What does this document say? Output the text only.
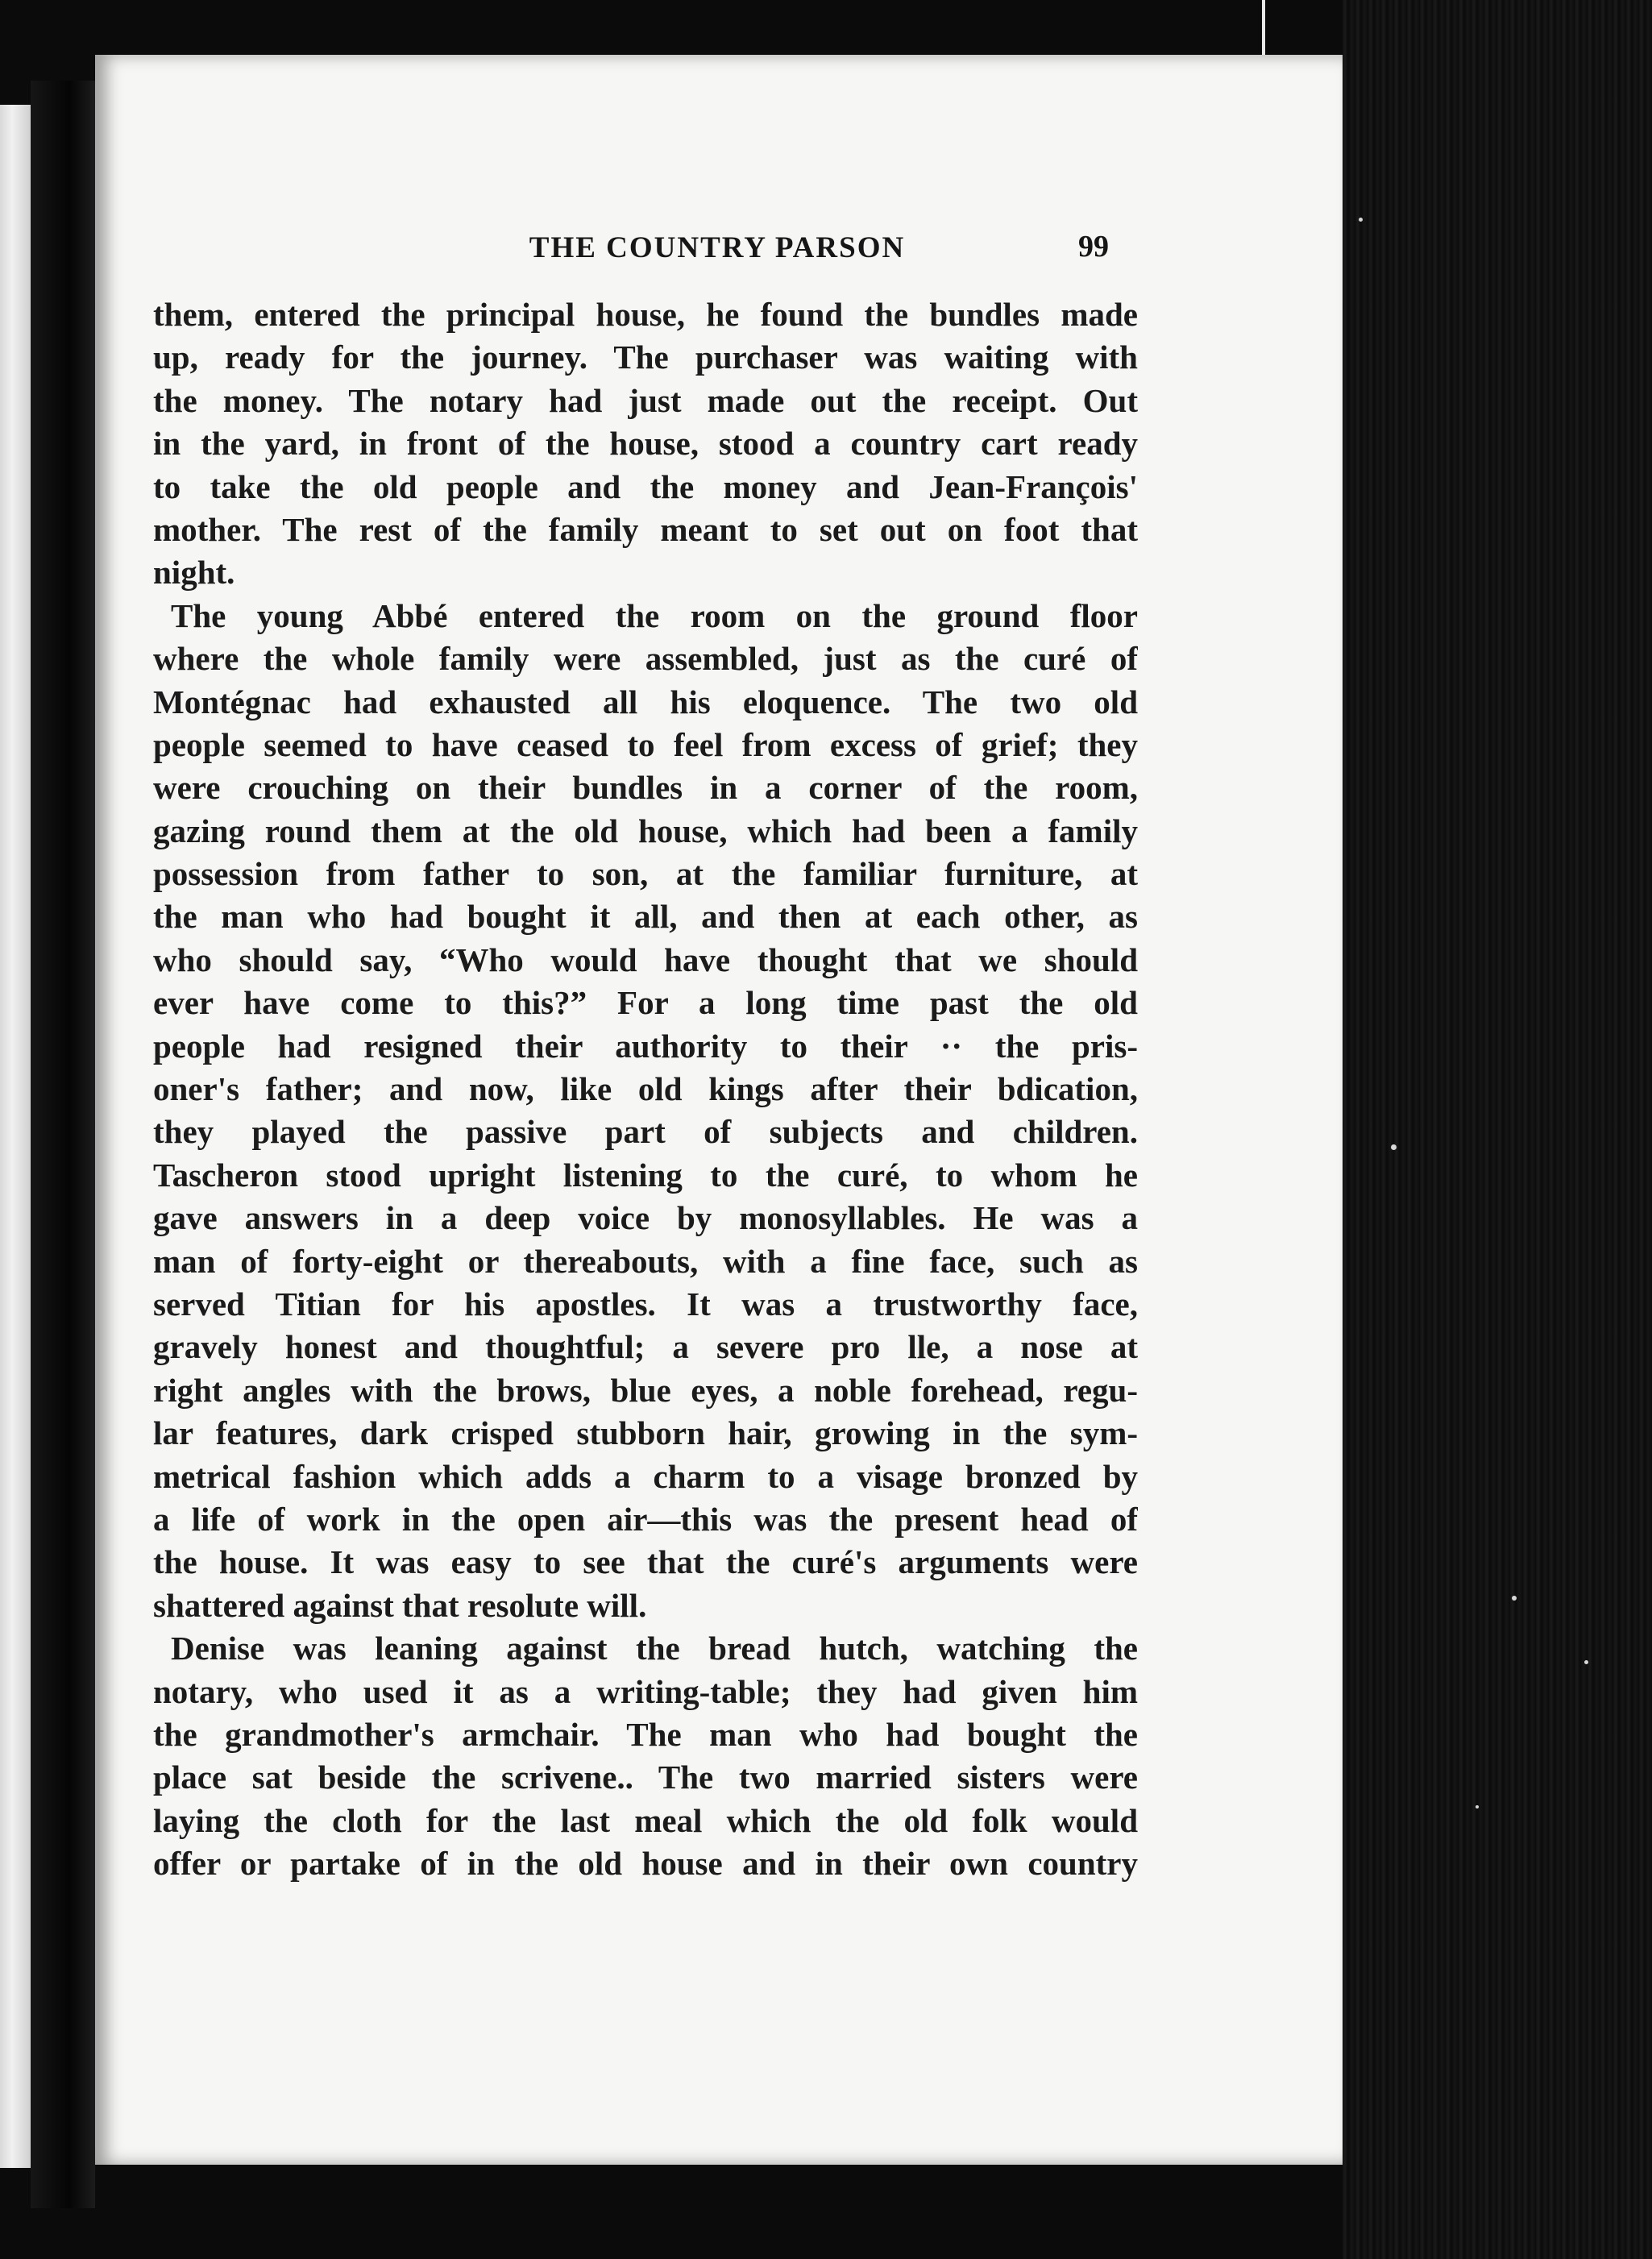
THE COUNTRY PARSON	99
them, entered the principal house, he found the bundles made
up, ready for the journey. The purchaser was waiting with
the money. The notary had just made out the receipt. Out
in the yard, in front of the house, stood a country cart ready
to take the old people and the money and Jean-François'
mother. The rest of the family meant to set out on foot that
night.
The young Abbé entered the room on the ground floor
where the whole family were assembled, just as the curé of
Montégnac had exhausted all his eloquence. The two old
people seemed to have ceased to feel from excess of grief; they
were crouching on their bundles in a corner of the room,
gazing round them at the old house, which had been a family
possession from father to son, at the familiar furniture, at
the man who had bought it all, and then at each other, as
who should say, “Who would have thought that we should
ever have come to this?” For a long time past the old
people had resigned their authority to their ·· the pris-
oner's father; and now, like old kings after their bdication,
they played the passive part of subjects and children.
Tascheron stood upright listening to the curé, to whom he
gave answers in a deep voice by monosyllables. He was a
man of forty-eight or thereabouts, with a fine face, such as
served Titian for his apostles. It was a trustworthy face,
gravely honest and thoughtful; a severe pro lle, a nose at
right angles with the brows, blue eyes, a noble forehead, regu-
lar features, dark crisped stubborn hair, growing in the sym-
metrical fashion which adds a charm to a visage bronzed by
a life of work in the open air—this was the present head of
the house. It was easy to see that the curé's arguments were
shattered against that resolute will.
Denise was leaning against the bread hutch, watching the
notary, who used it as a writing-table; they had given him
the grandmother's armchair. The man who had bought the
place sat beside the scrivene.. The two married sisters were
laying the cloth for the last meal which the old folk would
offer or partake of in the old house and in their own country
